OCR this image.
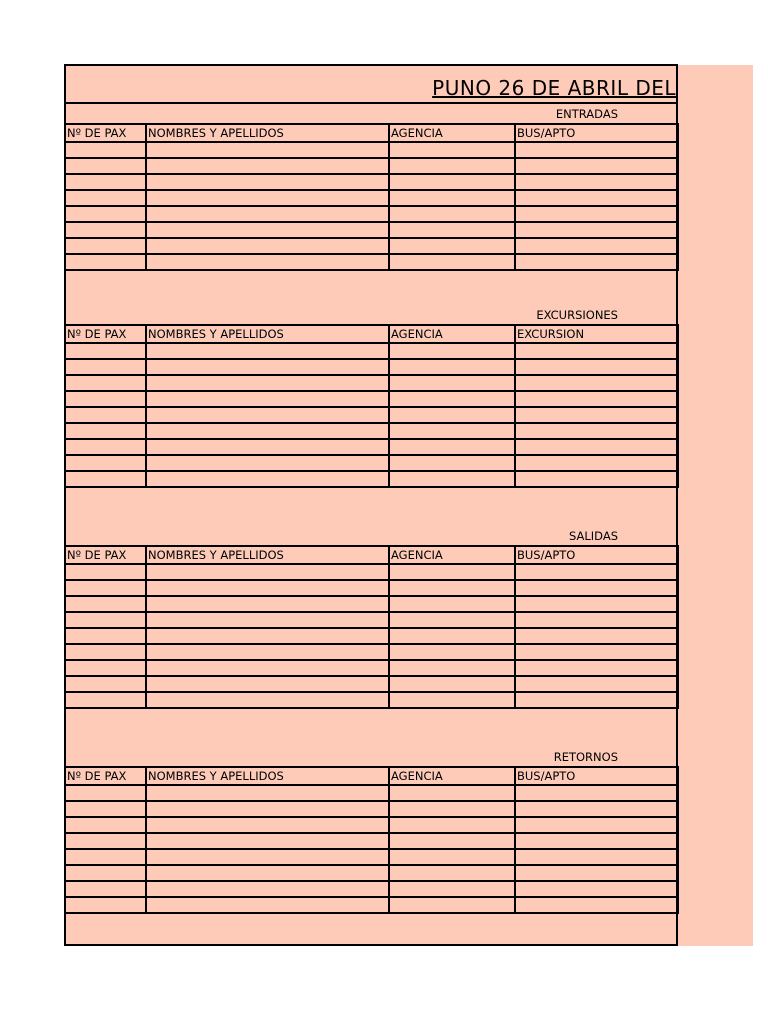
PUNO 26 DE ABRIL DEL
ENTRADAS
Nº DE PAX	NOMBRES Y APELLIDOS	AGENCIA	BUS/APTO

EXCURSIONES
Nº DE PAX	NOMBRES Y APELLIDOS	AGENCIA	EXCURSION

SALIDAS
Nº DE PAX	NOMBRES Y APELLIDOS	AGENCIA	BUS/APTO

RETORNOS
Nº DE PAX	NOMBRES Y APELLIDOS	AGENCIA	BUS/APTO
